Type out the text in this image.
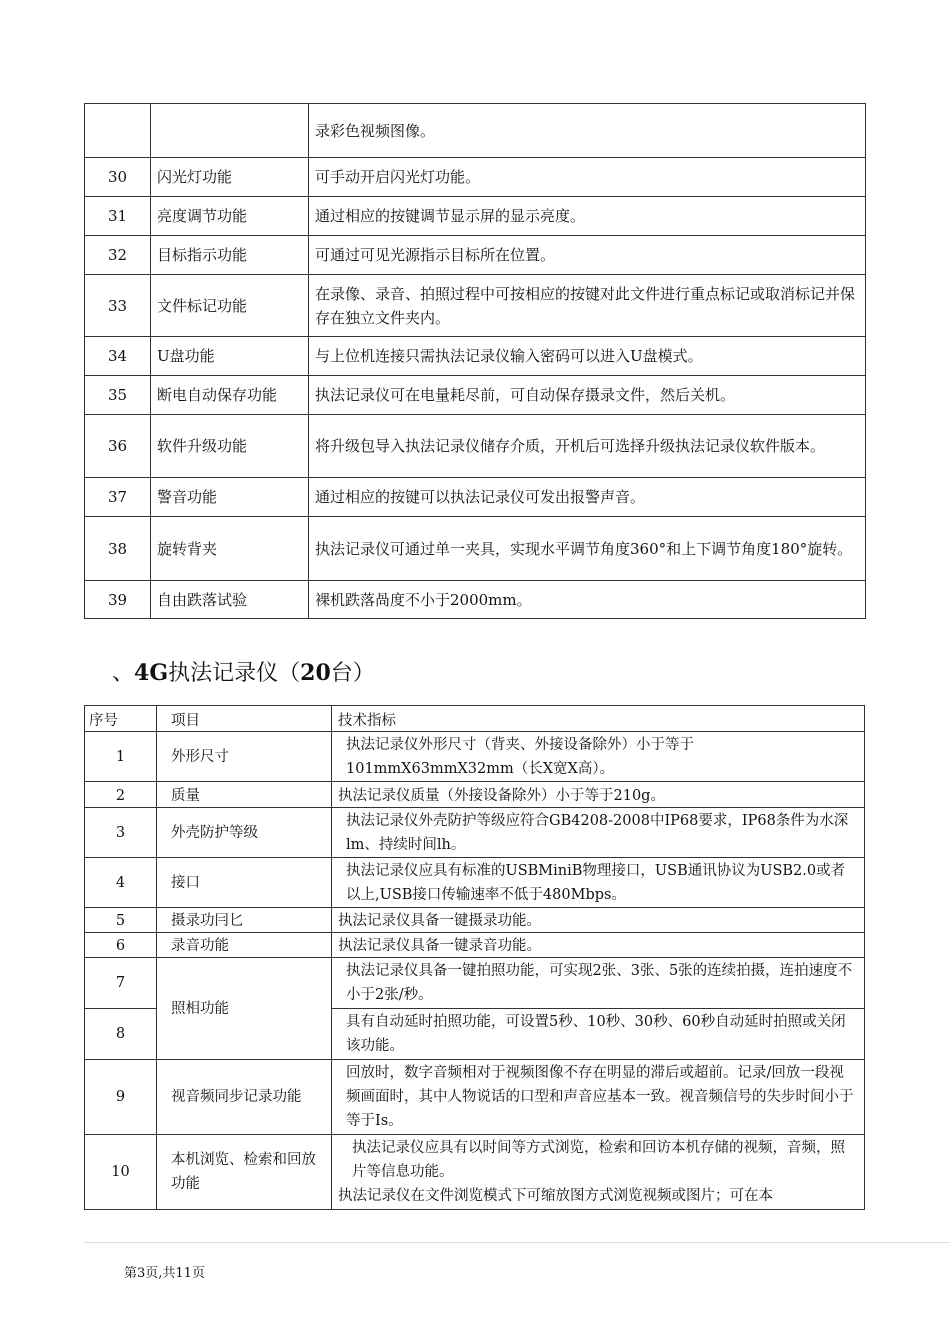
		录彩色视频图像。
30	闪光灯功能	可手动开启闪光灯功能。
31	亮度调节功能	通过相应的按键调节显示屏的显示亮度。
32	目标指示功能	可通过可见光源指示目标所在位置。
33	文件标记功能	在录像、录音、拍照过程中可按相应的按键对此文件进行重点标记或取消标记并保存在独立文件夹内。
34	U盘功能	与上位机连接只需执法记录仪输入密码可以进入U盘模式。
35	断电自动保存功能	执法记录仪可在电量耗尽前，可自动保存摄录文件，然后关机。
36	软件升级功能	将升级包导入执法记录仪储存介质，开机后可选择升级执法记录仪软件版本。
37	警音功能	通过相应的按键可以执法记录仪可发出报警声音。
38	旋转背夹	执法记录仪可通过单一夹具，实现水平调节角度360°和上下调节角度180°旋转。
39	自由跌落试验	裸机跌落咼度不小于2000mm。
、4G执法记录仪（20台）
序号	项目	技术指标
1	外形尺寸	执法记录仪外形尺寸（背夹、外接设备除外）小于等于101mmX63mmX32mm（长X宽X高）。
2	质量	执法记录仪质量（外接设备除外）小于等于210g。
3	外壳防护等级	执法记录仪外壳防护等级应符合GB4208-2008中IP68要求，IP68条件为水深lm、持续时间lh。
4	接口	执法记录仪应具有标准的USBMiniB物理接口，USB通讯协议为USB2.0或者以上,USB接口传输速率不低于480Mbps。
5	摄录功冃匕	执法记录仪具备一键摄录功能。
6	录音功能	执法记录仪具备一键录音功能。
7	照相功能	执法记录仪具备一键拍照功能，可实现2张、3张、5张的连续拍摄，连拍速度不小于2张/秒。
8		具有自动延时拍照功能，可设置5秒、10秒、30秒、60秒自动延时拍照或关闭该功能。
9	视音频同步记录功能	回放时，数字音频相对于视频图像不存在明显的滞后或超前。记录/回放一段视频画面时，其中人物说话的口型和声音应基本一致。视音频信号的失步时间小于等于Is。
10	本机浏览、检索和回放功能	执法记录仪应具有以时间等方式浏览，检索和回访本机存储的视频，音频，照片等信息功能。
执法记录仪在文件浏览模式下可缩放图方式浏览视频或图片；可在本
第3页,共11页
